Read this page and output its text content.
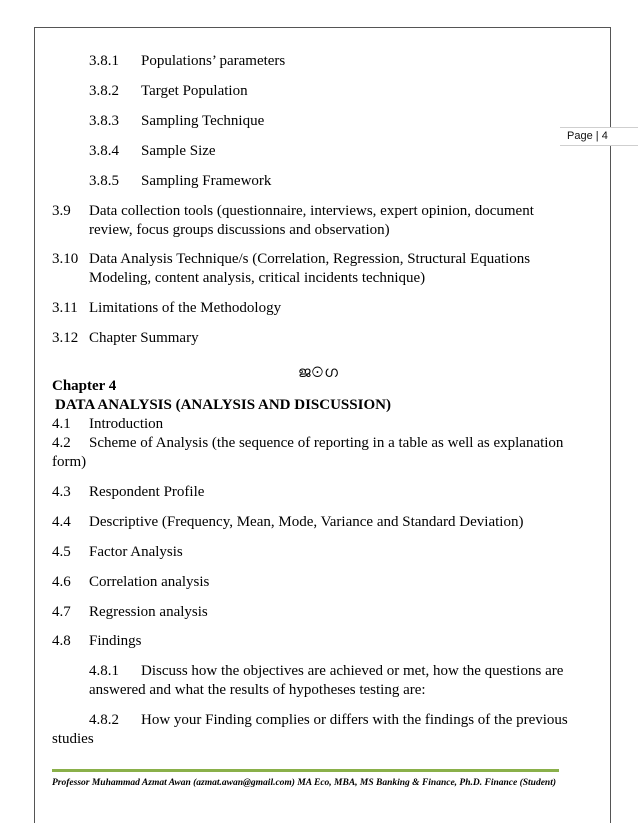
Page | 4
3.8.1 Populations’ parameters
3.8.2 Target Population
3.8.3 Sampling Technique
3.8.4 Sample Size
3.8.5 Sampling Framework
3.9 Data collection tools (questionnaire, interviews, expert opinion, document
review, focus groups discussions and observation)
3.10 Data Analysis Technique/s (Correlation, Regression, Structural Equations
Modeling, content analysis, critical incidents technique)
3.11 Limitations of the Methodology
3.12 Chapter Summary
ജ⊙ഗ
Chapter 4
DATA ANALYSIS (ANALYSIS AND DISCUSSION)
4.1 Introduction
4.2 Scheme of Analysis (the sequence of reporting in a table as well as explanation
form)
4.3 Respondent Profile
4.4 Descriptive (Frequency, Mean, Mode, Variance and Standard Deviation)
4.5 Factor Analysis
4.6 Correlation analysis
4.7 Regression analysis
4.8 Findings
4.8.1 Discuss how the objectives are achieved or met, how the questions are
answered and what the results of hypotheses testing are:
4.8.2 How your Finding complies or differs with the findings of the previous
studies
Professor Muhammad Azmat Awan (azmat.awan@gmail.com) MA Eco, MBA, MS Banking & Finance, Ph.D. Finance (Student)
